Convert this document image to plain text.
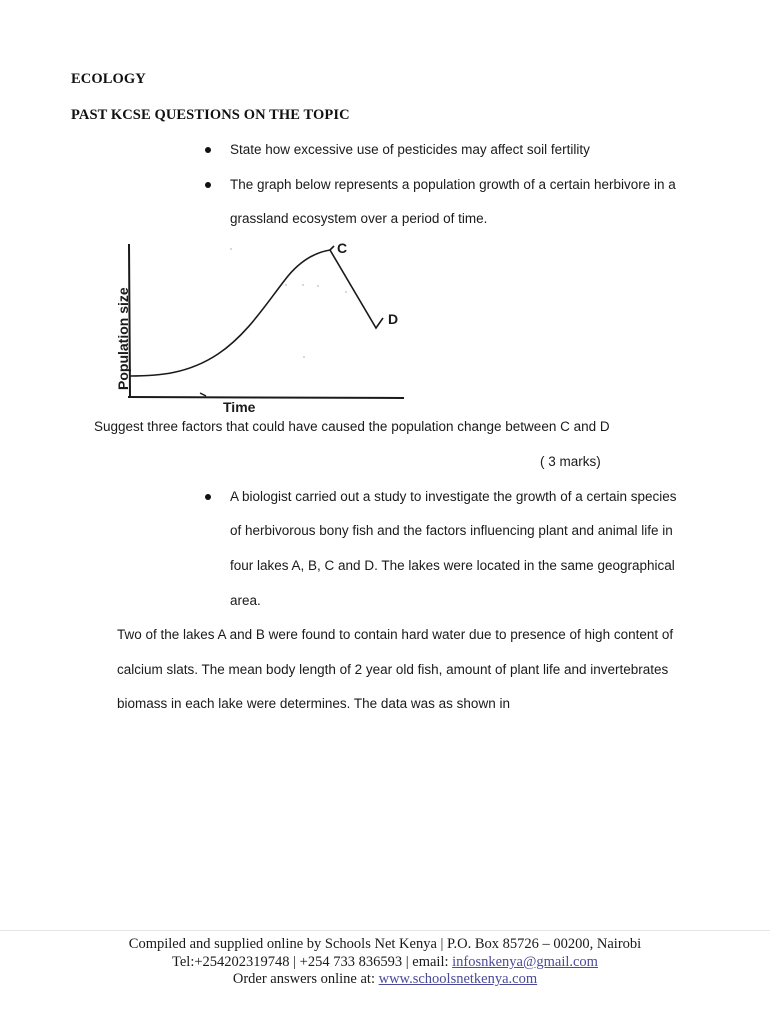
ECOLOGY
PAST KCSE QUESTIONS ON THE TOPIC
State how excessive use of pesticides may affect soil fertility
The graph below represents a population growth of a certain herbivore in a
grassland ecosystem over a period of time.
C
D
Population size
Time
Suggest three factors that could have caused the population change between C and D
( 3 marks)
A biologist carried out a study to investigate the growth of a certain species
of herbivorous bony fish and the factors influencing plant and animal life in
four lakes A, B, C and D. The lakes were located in the same geographical
area.
Two of the lakes A and B were found to contain hard water due to presence of high content of
calcium slats. The mean body length of 2 year old fish, amount of plant life and invertebrates
biomass in each lake were determines. The data was as shown in
Compiled and supplied online by Schools Net Kenya | P.O. Box 85726 – 00200, Nairobi
Tel:+254202319748 | +254 733 836593 | email: infosnkenya@gmail.com
Order answers online at: www.schoolsnetkenya.com
